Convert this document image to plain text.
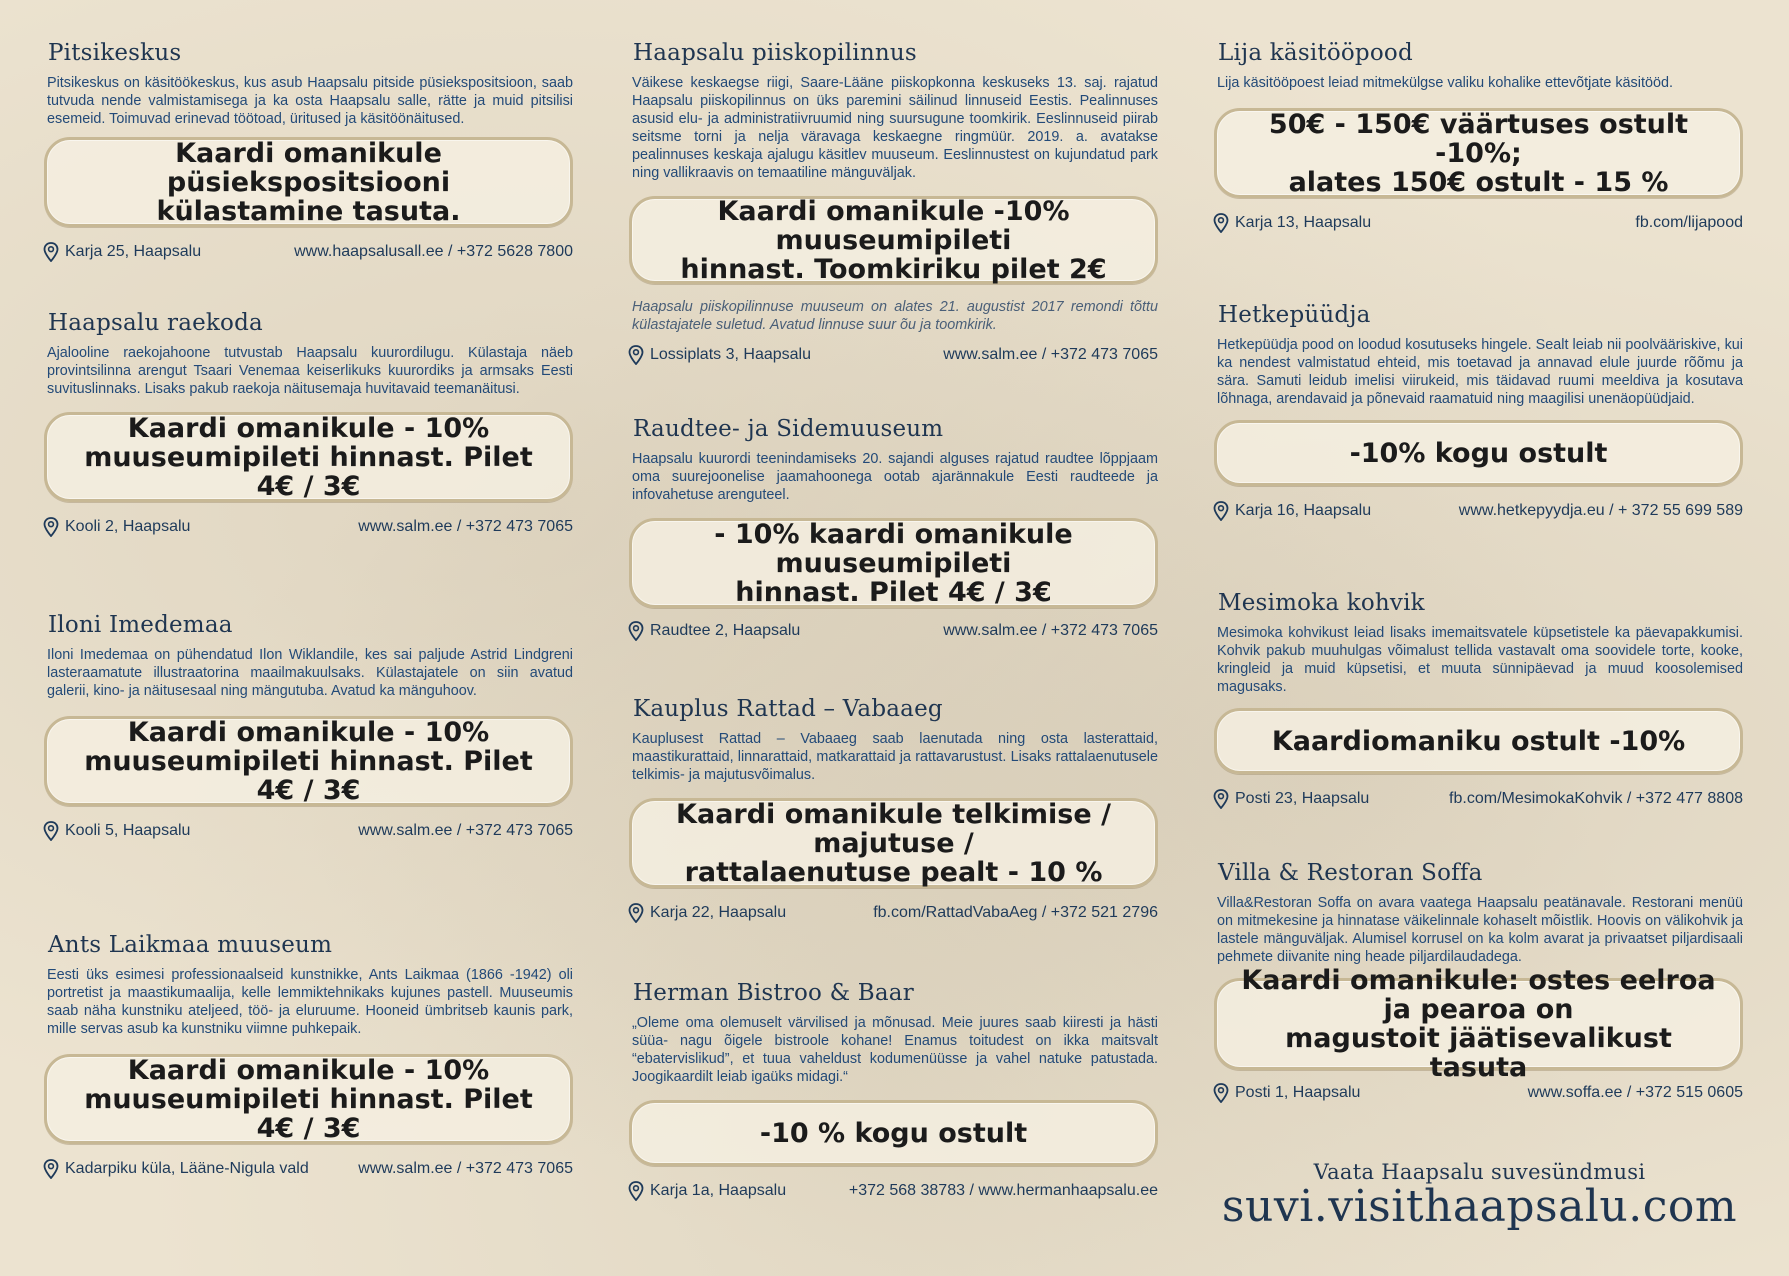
Pitsikeskus

Pitsikeskus on käsitöökeskus, kus asub Haapsalu pitside püsiekspositsioon, saab tutvuda nende valmistamisega ja ka osta Haapsalu salle, rätte ja muid pitsilisi esemeid. Toimuvad erinevad töötoad, üritused ja käsitöönäitused.

Kaardi omanikule püsiekspositsiooni
külastamine tasuta.
Karja 25, Haapsalu	www.haapsalusall.ee / +372 5628 7800
Haapsalu raekoda

Ajalooline raekojahoone tutvustab Haapsalu kuurordilugu. Külastaja näeb provintsilinna arengut Tsaari Venemaa keiserlikuks kuurordiks ja armsaks Eesti suvituslinnaks. Lisaks pakub raekoja näitusemaja huvitavaid teemanäitusi.

Kaardi omanikule - 10%
muuseumipileti hinnast. Pilet 4€ / 3€
Kooli 2, Haapsalu	www.salm.ee / +372 473 7065
Iloni Imedemaa

Iloni Imedemaa on pühendatud Ilon Wiklandile, kes sai paljude Astrid Lindgreni lasteraamatute illustraatorina maailmakuulsaks. Külastajatele on siin avatud galerii, kino- ja näitusesaal ning mängutuba. Avatud ka mänguhoov.

Kaardi omanikule - 10%
muuseumipileti hinnast. Pilet 4€ / 3€
Kooli 5, Haapsalu	www.salm.ee / +372 473 7065
Ants Laikmaa muuseum

Eesti üks esimesi professionaalseid kunstnikke, Ants Laikmaa (1866 -1942) oli portretist ja maastikumaalija, kelle lemmiktehnikaks kujunes pastell. Muuseumis saab näha kunstniku ateljeed, töö- ja eluruume. Hooneid ümbritseb kaunis park, mille servas asub ka kunstniku viimne puhkepaik.

Kaardi omanikule - 10%
muuseumipileti hinnast. Pilet 4€ / 3€
Kadarpiku küla, Lääne-Nigula vald	www.salm.ee / +372 473 7065
Haapsalu piiskopilinnus

Väikese keskaegse riigi, Saare-Lääne piiskopkonna keskuseks 13. saj. rajatud Haapsalu piiskopilinnus on üks paremini säilinud linnuseid Eestis. Pealinnuses asusid elu- ja administratiivruumid ning suursugune toomkirik. Eeslinnuseid piirab seitsme torni ja nelja väravaga keskaegne ringmüür. 2019. a. avatakse pealinnuses keskaja ajalugu käsitlev muuseum. Eeslinnustest on kujundatud park ning vallikraavis on temaatiline mänguväljak.

Kaardi omanikule -10% muuseumipileti
hinnast. Toomkiriku pilet 2€

Haapsalu piiskopilinnuse muuseum on alates 21. augustist 2017 remondi tõttu külastajatele suletud. Avatud linnuse suur õu ja toomkirik.

Lossiplats 3, Haapsalu	www.salm.ee / +372 473 7065
Raudtee- ja Sidemuuseum

Haapsalu kuurordi teenindamiseks 20. sajandi alguses rajatud raudtee lõppjaam oma suurejoonelise jaamahoonega ootab ajarännakule Eesti raudteede ja infovahetuse arenguteel.

- 10% kaardi omanikule muuseumipileti
hinnast. Pilet 4€ / 3€
Raudtee 2, Haapsalu	www.salm.ee / +372 473 7065
Kauplus Rattad – Vabaaeg

Kauplusest Rattad – Vabaaeg saab laenutada ning osta lasterattaid, maastikurattaid, linnarattaid, matkarattaid ja rattavarustust. Lisaks rattalaenutusele telkimis- ja majutusvõimalus.

Kaardi omanikule telkimise / majutuse /
rattalaenutuse pealt - 10 %
Karja 22, Haapsalu	fb.com/RattadVabaAeg / +372 521 2796
Herman Bistroo & Baar

„Oleme oma olemuselt värvilised ja mõnusad. Meie juures saab kiiresti ja hästi süüa- nagu õigele bistroole kohane! Enamus toitudest on ikka maitsvalt “ebatervislikud”, et tuua vaheldust kodumenüüsse ja vahel natuke patustada. Joogikaardilt leiab igaüks midagi.“

-10 % kogu ostult
Karja 1a, Haapsalu	+372 568 38783 / www.hermanhaapsalu.ee
Lija käsitööpood

Lija käsitööpoest leiad mitmekülgse valiku kohalike ettevõtjate käsitööd.

50€ - 150€ väärtuses ostult -10%;
alates 150€ ostult - 15 %
Karja 13, Haapsalu	fb.com/lijapood
Hetkepüüdja

Hetkepüüdja pood on loodud kosutuseks hingele. Sealt leiab nii poolvääriskive, kui ka nendest valmistatud ehteid, mis toetavad ja annavad elule juurde rõõmu ja sära. Samuti leidub imelisi viirukeid, mis täidavad ruumi meeldiva ja kosutava lõhnaga, arendavaid ja põnevaid raamatuid ning maagilisi unenäopüüdjaid.

-10% kogu ostult
Karja 16, Haapsalu	www.hetkepyydja.eu / + 372 55 699 589
Mesimoka kohvik

Mesimoka kohvikust leiad lisaks imemaitsvatele küpsetistele ka päevapakkumisi. Kohvik pakub muuhulgas võimalust tellida vastavalt oma soovidele torte, kooke, kringleid ja muid küpsetisi, et muuta sünnipäevad ja muud koosolemised magusaks.

Kaardiomaniku ostult -10%
Posti 23, Haapsalu	fb.com/MesimokaKohvik / +372 477 8808
Villa & Restoran Soffa

Villa&Restoran Soffa on avara vaatega Haapsalu peatänavale. Restorani menüü on mitmekesine ja hinnatase väikelinnale kohaselt mõistlik. Hoovis on välikohvik ja lastele mänguväljak. Alumisel korrusel on ka kolm avarat ja privaatset piljardisaali pehmete diivanite ning heade piljardilaudadega.

Kaardi omanikule: ostes eelroa ja pearoa on
magustoit jäätisevalikust tasuta
Posti 1, Haapsalu	www.soffa.ee / +372 515 0605
Vaata Haapsalu suvesündmusi
suvi.visithaapsalu.com
